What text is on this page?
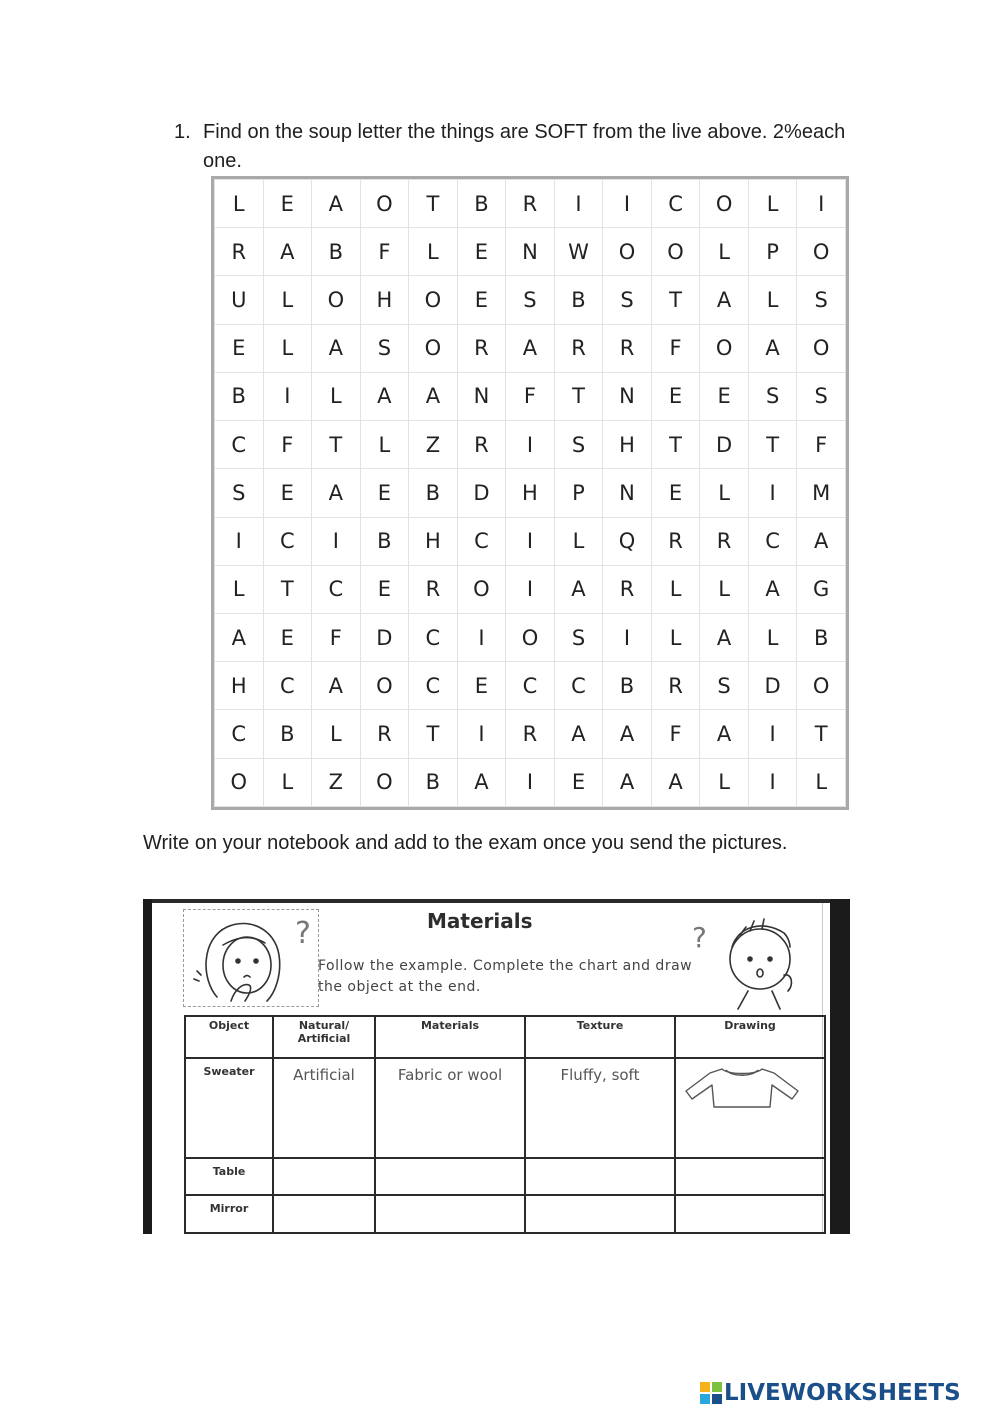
1. Find on the soup letter the things are SOFT from the live above. 2%each one.
L	E	A	O	T	B	R	I	I	C	O	L	I
R	A	B	F	L	E	N	W	O	O	L	P	O
U	L	O	H	O	E	S	B	S	T	A	L	S
E	L	A	S	O	R	A	R	R	F	O	A	O
B	I	L	A	A	N	F	T	N	E	E	S	S
C	F	T	L	Z	R	I	S	H	T	D	T	F
S	E	A	E	B	D	H	P	N	E	L	I	M
I	C	I	B	H	C	I	L	Q	R	R	C	A
L	T	C	E	R	O	I	A	R	L	L	A	G
A	E	F	D	C	I	O	S	I	L	A	L	B
H	C	A	O	C	E	C	C	B	R	S	D	O
C	B	L	R	T	I	R	A	A	F	A	I	T
O	L	Z	O	B	A	I	E	A	A	L	I	L
Write on your notebook and add to the exam once you send the pictures.
?	Materials
Follow the example. Complete the chart and draw the object at the end.
?
Object	Natural/ Artificial	Materials	Texture	Drawing
Sweater	Artificial	Fabric or wool	Fluffy, soft	
Table				
Mirror				
LIVEWORKSHEETS
